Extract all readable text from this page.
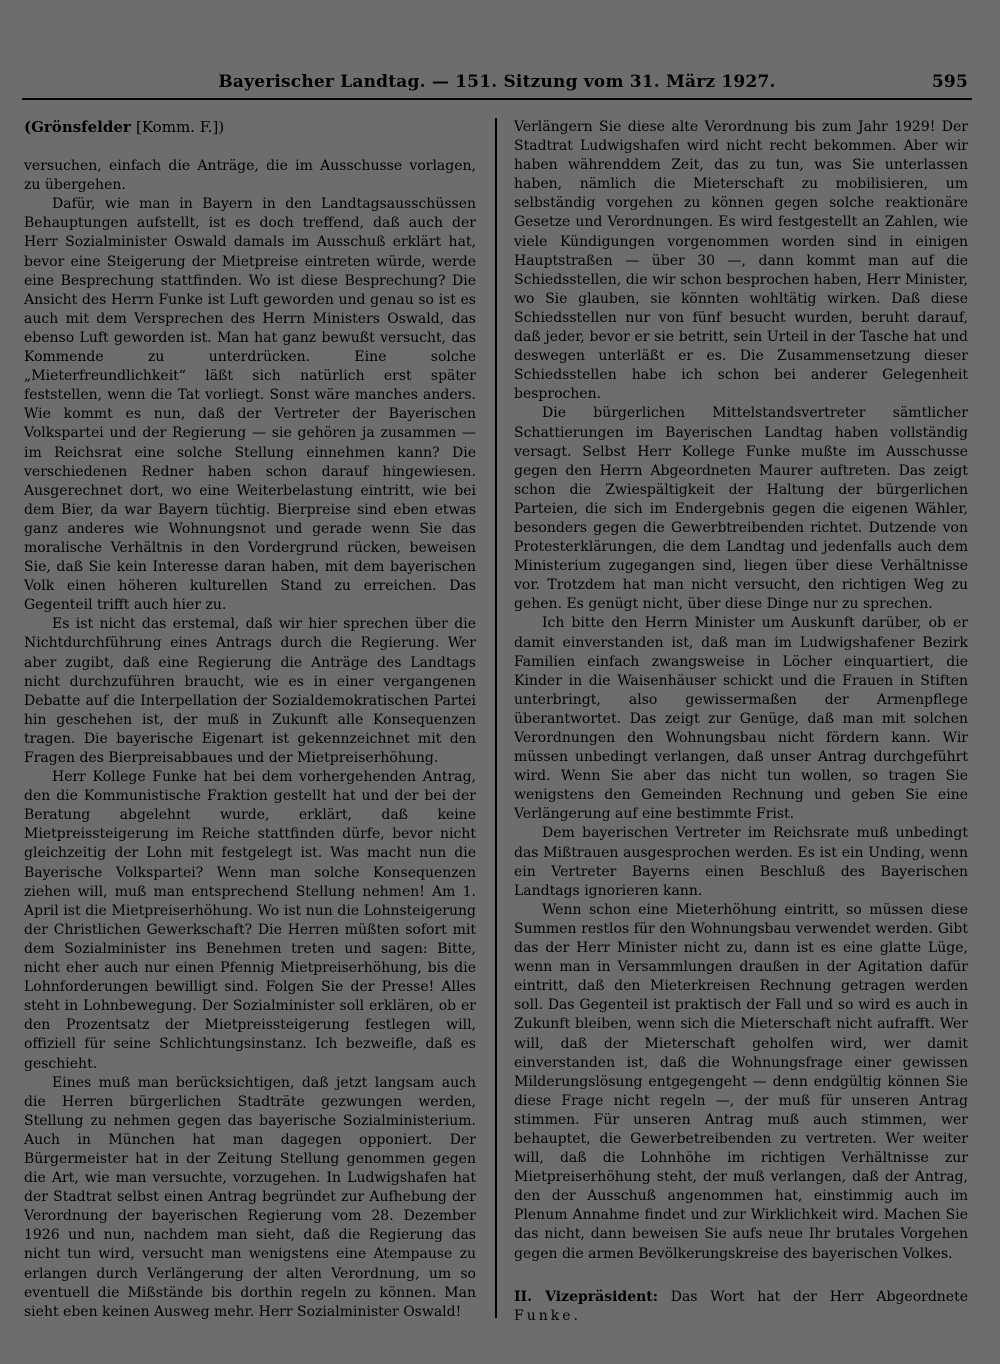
Bayerischer Landtag. — 151. Sitzung vom 31. März 1927.	595

(Grönsfelder [Komm. F.])

versuchen, einfach die Anträge, die im Ausschusse vorlagen, zu übergehen.

Dafür, wie man in Bayern in den Landtagsausschüssen Behauptungen aufstellt, ist es doch treffend, daß auch der Herr Sozialminister Oswald damals im Ausschuß erklärt hat, bevor eine Steigerung der Mietpreise eintreten würde, werde eine Besprechung stattfinden. Wo ist diese Besprechung? Die Ansicht des Herrn Funke ist Luft geworden und genau so ist es auch mit dem Versprechen des Herrn Ministers Oswald, das ebenso Luft geworden ist. Man hat ganz bewußt versucht, das Kommende zu unterdrücken. Eine solche „Mieterfreundlichkeit“ läßt sich natürlich erst später feststellen, wenn die Tat vorliegt. Sonst wäre manches anders. Wie kommt es nun, daß der Vertreter der Bayerischen Volkspartei und der Regierung — sie gehören ja zusammen — im Reichsrat eine solche Stellung einnehmen kann? Die verschiedenen Redner haben schon darauf hingewiesen. Ausgerechnet dort, wo eine Weiterbelastung eintritt, wie bei dem Bier, da war Bayern tüchtig. Bierpreise sind eben etwas ganz anderes wie Wohnungsnot und gerade wenn Sie das moralische Verhältnis in den Vordergrund rücken, beweisen Sie, daß Sie kein Interesse daran haben, mit dem bayerischen Volk einen höheren kulturellen Stand zu erreichen. Das Gegenteil trifft auch hier zu.

Es ist nicht das erstemal, daß wir hier sprechen über die Nichtdurchführung eines Antrags durch die Regierung. Wer aber zugibt, daß eine Regierung die Anträge des Landtags nicht durchzuführen braucht, wie es in einer vergangenen Debatte auf die Interpellation der Sozialdemokratischen Partei hin geschehen ist, der muß in Zukunft alle Konsequenzen tragen. Die bayerische Eigenart ist gekennzeichnet mit den Fragen des Bierpreisabbaues und der Mietpreiserhöhung.

Herr Kollege Funke hat bei dem vorhergehenden Antrag, den die Kommunistische Fraktion gestellt hat und der bei der Beratung abgelehnt wurde, erklärt, daß keine Mietpreissteigerung im Reiche stattfinden dürfe, bevor nicht gleichzeitig der Lohn mit festgelegt ist. Was macht nun die Bayerische Volkspartei? Wenn man solche Konsequenzen ziehen will, muß man entsprechend Stellung nehmen! Am 1. April ist die Mietpreiserhöhung. Wo ist nun die Lohnsteigerung der Christlichen Gewerkschaft? Die Herren müßten sofort mit dem Sozialminister ins Benehmen treten und sagen: Bitte, nicht eher auch nur einen Pfennig Mietpreiserhöhung, bis die Lohnforderungen bewilligt sind. Folgen Sie der Presse! Alles steht in Lohnbewegung. Der Sozialminister soll erklären, ob er den Prozentsatz der Mietpreissteigerung festlegen will, offiziell für seine Schlichtungsinstanz. Ich bezweifle, daß es geschieht.

Eines muß man berücksichtigen, daß jetzt langsam auch die Herren bürgerlichen Stadträte gezwungen werden, Stellung zu nehmen gegen das bayerische Sozialministerium. Auch in München hat man dagegen opponiert. Der Bürgermeister hat in der Zeitung Stellung genommen gegen die Art, wie man versuchte, vorzugehen. In Ludwigshafen hat der Stadtrat selbst einen Antrag begründet zur Aufhebung der Verordnung der bayerischen Regierung vom 28. Dezember 1926 und nun, nachdem man sieht, daß die Regierung das nicht tun wird, versucht man wenigstens eine Atempause zu erlangen durch Verlängerung der alten Verordnung, um so eventuell die Mißstände bis dorthin regeln zu können. Man sieht eben keinen Ausweg mehr. Herr Sozialminister Oswald!

Verlängern Sie diese alte Verordnung bis zum Jahr 1929! Der Stadtrat Ludwigshafen wird nicht recht bekommen. Aber wir haben währenddem Zeit, das zu tun, was Sie unterlassen haben, nämlich die Mieterschaft zu mobilisieren, um selbständig vorgehen zu können gegen solche reaktionäre Gesetze und Verordnungen. Es wird festgestellt an Zahlen, wie viele Kündigungen vorgenommen worden sind in einigen Hauptstraßen — über 30 —, dann kommt man auf die Schiedsstellen, die wir schon besprochen haben, Herr Minister, wo Sie glauben, sie könnten wohltätig wirken. Daß diese Schiedsstellen nur von fünf besucht wurden, beruht darauf, daß jeder, bevor er sie betritt, sein Urteil in der Tasche hat und deswegen unterläßt er es. Die Zusammensetzung dieser Schiedsstellen habe ich schon bei anderer Gelegenheit besprochen.

Die bürgerlichen Mittelstandsvertreter sämtlicher Schattierungen im Bayerischen Landtag haben vollständig versagt. Selbst Herr Kollege Funke mußte im Ausschusse gegen den Herrn Abgeordneten Maurer auftreten. Das zeigt schon die Zwiespältigkeit der Haltung der bürgerlichen Parteien, die sich im Endergebnis gegen die eigenen Wähler, besonders gegen die Gewerbtreibenden richtet. Dutzende von Protesterklärungen, die dem Landtag und jedenfalls auch dem Ministerium zugegangen sind, liegen über diese Verhältnisse vor. Trotzdem hat man nicht versucht, den richtigen Weg zu gehen. Es genügt nicht, über diese Dinge nur zu sprechen.

Ich bitte den Herrn Minister um Auskunft darüber, ob er damit einverstanden ist, daß man im Ludwigshafener Bezirk Familien einfach zwangsweise in Löcher einquartiert, die Kinder in die Waisenhäuser schickt und die Frauen in Stiften unterbringt, also gewissermaßen der Armenpflege überantwortet. Das zeigt zur Genüge, daß man mit solchen Verordnungen den Wohnungsbau nicht fördern kann. Wir müssen unbedingt verlangen, daß unser Antrag durchgeführt wird. Wenn Sie aber das nicht tun wollen, so tragen Sie wenigstens den Gemeinden Rechnung und geben Sie eine Verlängerung auf eine bestimmte Frist.

Dem bayerischen Vertreter im Reichsrate muß unbedingt das Mißtrauen ausgesprochen werden. Es ist ein Unding, wenn ein Vertreter Bayerns einen Beschluß des Bayerischen Landtags ignorieren kann.

Wenn schon eine Mieterhöhung eintritt, so müssen diese Summen restlos für den Wohnungsbau verwendet werden. Gibt das der Herr Minister nicht zu, dann ist es eine glatte Lüge, wenn man in Versammlungen draußen in der Agitation dafür eintritt, daß den Mieterkreisen Rechnung getragen werden soll. Das Gegenteil ist praktisch der Fall und so wird es auch in Zukunft bleiben, wenn sich die Mieterschaft nicht aufrafft. Wer will, daß der Mieterschaft geholfen wird, wer damit einverstanden ist, daß die Wohnungsfrage einer gewissen Milderungslösung entgegengeht — denn endgültig können Sie diese Frage nicht regeln —, der muß für unseren Antrag stimmen. Für unseren Antrag muß auch stimmen, wer behauptet, die Gewerbetreibenden zu vertreten. Wer weiter will, daß die Lohnhöhe im richtigen Verhältnisse zur Mietpreiserhöhung steht, der muß verlangen, daß der Antrag, den der Ausschuß angenommen hat, einstimmig auch im Plenum Annahme findet und zur Wirklichkeit wird. Machen Sie das nicht, dann beweisen Sie aufs neue Ihr brutales Vorgehen gegen die armen Bevölkerungskreise des bayerischen Volkes.

II. Vizepräsident: Das Wort hat der Herr Abgeordnete Funke.
